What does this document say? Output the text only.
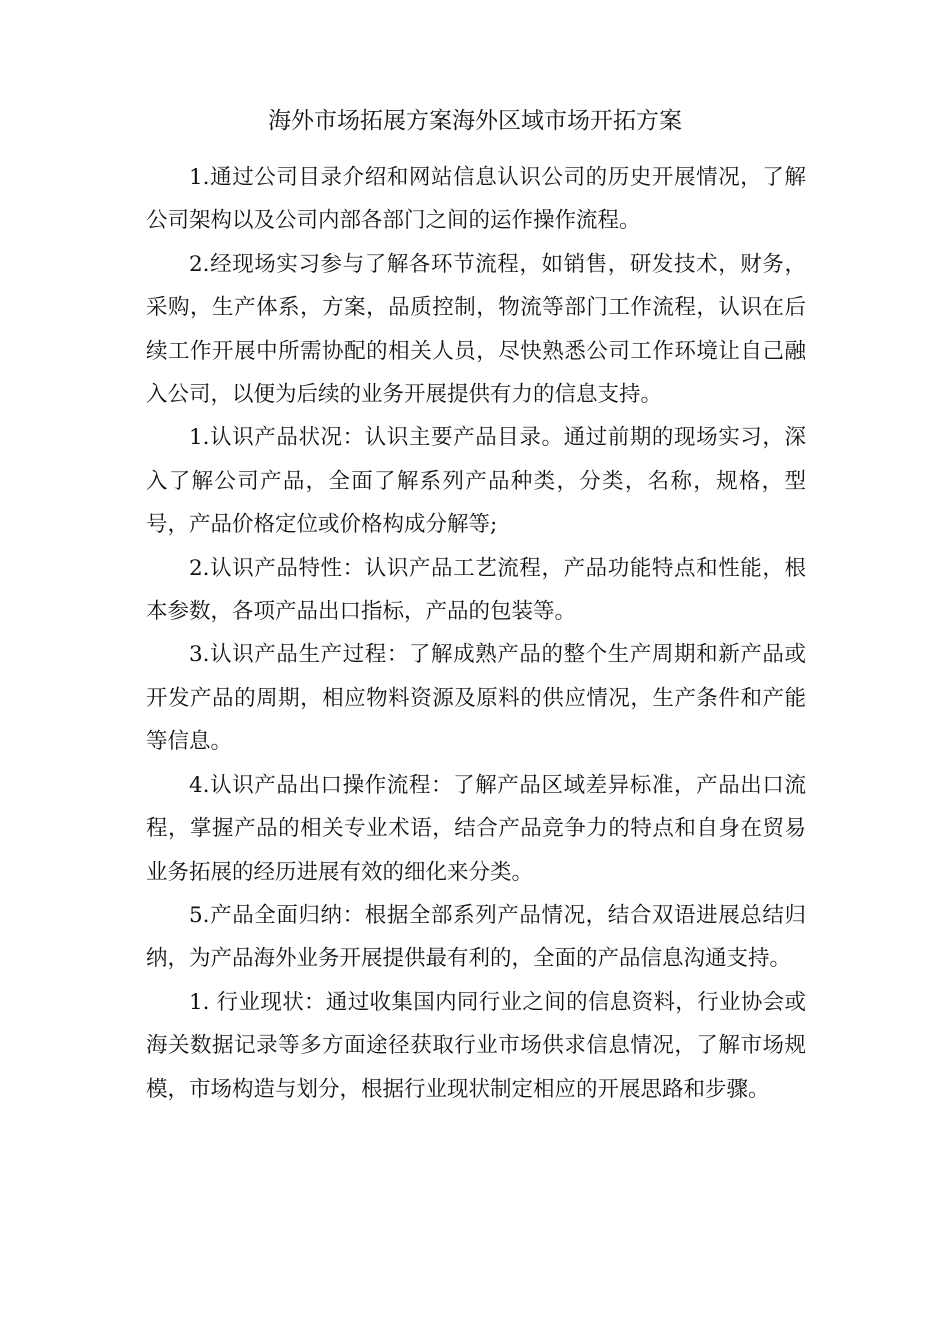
海外市场拓展方案海外区域市场开拓方案

1.通过公司目录介绍和网站信息认识公司的历史开展情况，了解公司架构以及公司内部各部门之间的运作操作流程。

2.经现场实习参与了解各环节流程，如销售，研发技术，财务，采购，生产体系，方案，品质控制，物流等部门工作流程，认识在后续工作开展中所需协配的相关人员，尽快熟悉公司工作环境让自己融入公司，以便为后续的业务开展提供有力的信息支持。

1.认识产品状况：认识主要产品目录。通过前期的现场实习，深入了解公司产品，全面了解系列产品种类，分类，名称，规格，型号，产品价格定位或价格构成分解等;

2.认识产品特性：认识产品工艺流程，产品功能特点和性能，根本参数，各项产品出口指标，产品的包装等。

3.认识产品生产过程：了解成熟产品的整个生产周期和新产品或开发产品的周期，相应物料资源及原料的供应情况，生产条件和产能等信息。

4.认识产品出口操作流程：了解产品区域差异标准，产品出口流程，掌握产品的相关专业术语，结合产品竞争力的特点和自身在贸易业务拓展的经历进展有效的细化来分类。

5.产品全面归纳：根据全部系列产品情况，结合双语进展总结归纳，为产品海外业务开展提供最有利的，全面的产品信息沟通支持。

1. 行业现状：通过收集国内同行业之间的信息资料，行业协会或海关数据记录等多方面途径获取行业市场供求信息情况，了解市场规模，市场构造与划分，根据行业现状制定相应的开展思路和步骤。
